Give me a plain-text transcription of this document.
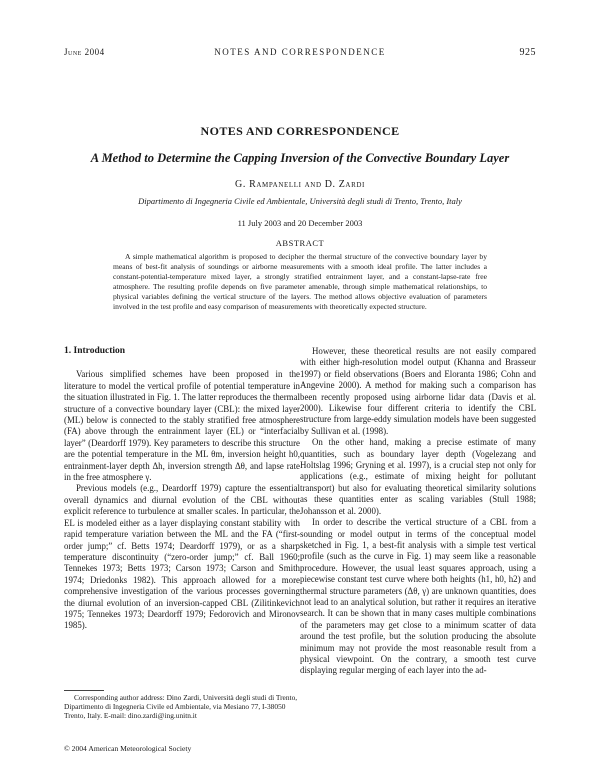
June 2004	NOTES AND CORRESPONDENCE	925
NOTES AND CORRESPONDENCE
A Method to Determine the Capping Inversion of the Convective Boundary Layer
G. Rampanelli and D. Zardi
Dipartimento di Ingegneria Civile ed Ambientale, Università degli studi di Trento, Trento, Italy
11 July 2003 and 20 December 2003
ABSTRACT

A simple mathematical algorithm is proposed to decipher the thermal structure of the convective boundary layer by means of best-fit analysis of soundings or airborne measurements with a smooth ideal profile. The latter includes a constant-potential-temperature mixed layer, a strongly stratified entrainment layer, and a constant-lapse-rate free atmosphere. The resulting profile depends on five parameter amenable, through simple mathematical relationships, to physical variables defining the vertical structure of the layers. The method allows objective evaluation of parameters involved in the test profile and easy comparison of measurements with theoretically expected structure.

1. Introduction

Various simplified schemes have been proposed in the literature to model the vertical profile of potential temperature in the situation illustrated in Fig. 1. The latter reproduces the thermal structure of a convective boundary layer (CBL): the mixed layer (ML) below is connected to the stably stratified free atmosphere (FA) above through the entrainment layer (EL) or “interfacial layer” (Deardorff 1979). Key parameters to describe this structure are the potential temperature in the ML θm, inversion height h0, entrainment-layer depth Δh, inversion strength Δθ, and lapse rate in the free atmosphere γ.

Previous models (e.g., Deardorff 1979) capture the essential overall dynamics and diurnal evolution of the CBL without explicit reference to turbulence at smaller scales. In particular, the EL is modeled either as a layer displaying constant stability with rapid temperature variation between the ML and the FA (“first-order jump;” cf. Betts 1974; Deardorff 1979), or as a sharp temperature discontinuity (“zero-order jump;” cf. Ball 1960; Tennekes 1973; Betts 1973; Carson 1973; Carson and Smith 1974; Driedonks 1982). This approach allowed for a more comprehensive investigation of the various processes governing the diurnal evolution of an inversion-capped CBL (Zilitinkevich 1975; Tennekes 1973; Deardorff 1979; Fedorovich and Mironov 1985).

However, these theoretical results are not easily compared with either high-resolution model output (Khanna and Brasseur 1997) or field observations (Boers and Eloranta 1986; Cohn and Angevine 2000). A method for making such a comparison has been recently proposed using airborne lidar data (Davis et al. 2000). Likewise four different criteria to identify the CBL structure from large-eddy simulation models have been suggested by Sullivan et al. (1998).

On the other hand, making a precise estimate of many quantities, such as boundary layer depth (Vogelezang and Holtslag 1996; Gryning et al. 1997), is a crucial step not only for applications (e.g., estimate of mixing height for pollutant transport) but also for evaluating theoretical similarity solutions as these quantities enter as scaling variables (Stull 1988; Johansson et al. 2000).

In order to describe the vertical structure of a CBL from a sounding or model output in terms of the conceptual model sketched in Fig. 1, a best-fit analysis with a simple test vertical profile (such as the curve in Fig. 1) may seem like a reasonable procedure. However, the usual least squares approach, using a piecewise constant test curve where both heights (h1, h0, h2) and thermal structure parameters (Δθ, γ) are unknown quantities, does not lead to an analytical solution, but rather it requires an iterative search. It can be shown that in many cases multiple combinations of the parameters may get close to a minimum scatter of data around the test profile, but the solution producing the absolute minimum may not provide the most reasonable result from a physical viewpoint. On the contrary, a smooth test curve displaying regular merging of each layer into the ad-

Corresponding author address: Dino Zardi, Università degli studi di Trento, Dipartimento di Ingegneria Civile ed Ambientale, via Mesiano 77, I-38050 Trento, Italy. E-mail: dino.zardi@ing.unitn.it

© 2004 American Meteorological Society
